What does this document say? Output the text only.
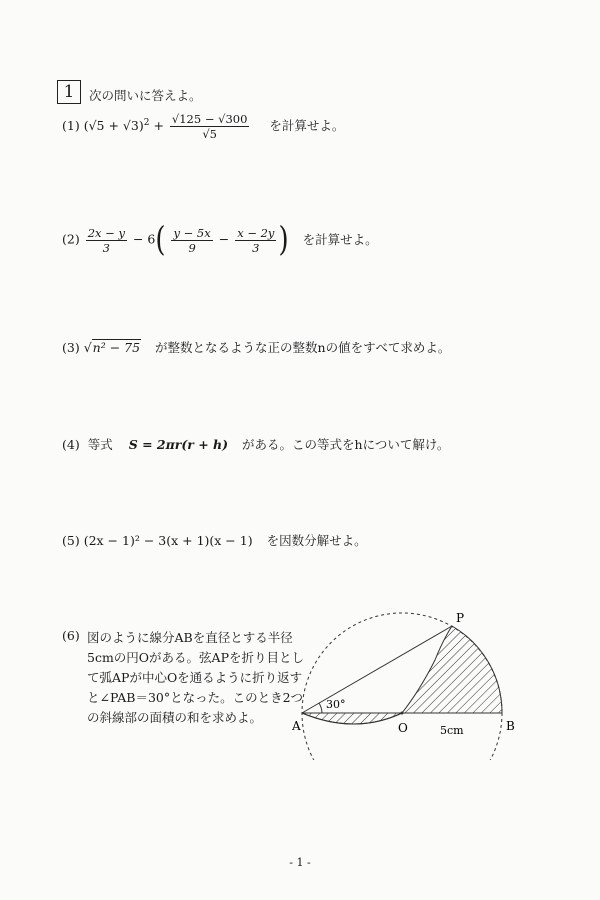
1	次の問いに答えよ。
(1) $(√5 + √3)^2 + \frac{√125 - √300}{√5}$ を計算せよ。
$(2) \frac{2x - y}{3} - 6( \frac{y - 5x}{9} - \frac{x - 2y}{3}$ ) を計算せよ。
(3) √n² − 75 が整数となるような正の整数nの値をすべて求めよ。
(4) 等式 S = 2πr(r + h) がある。この等式をhについて解け。
(5) (2x − 1)² − 3(x + 1)(x − 1) を因数分解せよ。
(6) 図のように線分ABを直径とする半径
5cmの円Oがある。弦APを折り目とし
て弧APが中心Oを通るように折り返す
と∠PAB＝30°となった。このとき2つ
の斜線部の面積の和を求めよ。
P
A	O	B
30°
5cm
- 1 -
